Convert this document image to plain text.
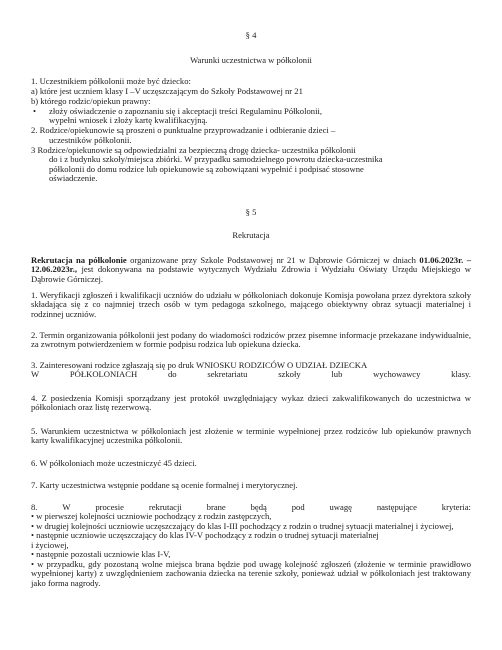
§ 4
Warunki uczestnictwa w półkolonii
1. Uczestnikiem półkolonii może być dziecko:
a) które jest uczniem klasy I –V uczęszczającym do Szkoły Podstawowej nr 21
b) którego rodzic/opiekun prawny:
• złoży oświadczenie o zapoznaniu się i akceptacji treści Regulaminu Półkolonii,
wypełni wniosek i złoży kartę kwalifikacyjną.
2. Rodzice/opiekunowie są proszeni o punktualne przyprowadzanie i odbieranie dzieci –
uczestników półkolonii.
3 Rodzice/opiekunowie są odpowiedzialni za bezpieczną drogę dziecka- uczestnika półkolonii
do i z budynku szkoły/miejsca zbiórki. W przypadku samodzielnego powrotu dziecka-uczestnika
półkolonii do domu rodzice lub opiekunowie są zobowiązani wypełnić i podpisać stosowne
oświadczenie.
§ 5
Rekrutacja
Rekrutacja na półkolonie organizowane przy Szkole Podstawowej nr 21 w Dąbrowie Górniczej w dniach 01.06.2023r. – 12.06.2023r., jest dokonywana na podstawie wytycznych Wydziału Zdrowia i Wydziału Oświaty Urzędu Miejskiego w Dąbrowie Górniczej.
1. Weryfikacji zgłoszeń i kwalifikacji uczniów do udziału w półkoloniach dokonuje Komisja powołana przez dyrektora szkoły składająca się z co najmniej trzech osób w tym pedagoga szkolnego, mającego obiektywny obraz sytuacji materialnej i rodzinnej uczniów.
2. Termin organizowania półkolonii jest podany do wiadomości rodziców przez pisemne informacje przekazane indywidualnie, za zwrotnym potwierdzeniem w formie podpisu rodzica lub opiekuna dziecka.
3. Zainteresowani rodzice zgłaszają się po druk WNIOSKU RODZICÓW O UDZIAŁ DZIECKA
W	PÓŁKOLONIACH	do	sekretariatu	szkoły	lub	wychowawcy	klasy.
4. Z posiedzenia Komisji sporządzany jest protokół uwzględniający wykaz dzieci zakwalifikowanych do uczestnictwa w półkoloniach oraz listę rezerwową.
5. Warunkiem uczestnictwa w półkoloniach jest złożenie w terminie wypełnionej przez rodziców lub opiekunów prawnych karty kwalifikacyjnej uczestnika półkolonii.
6. W półkoloniach może uczestniczyć 45 dzieci.
7. Karty uczestnictwa wstępnie poddane są ocenie formalnej i merytorycznej.
8.	W	procesie	rekrutacji	brane	będą	pod	uwagę	następujące	kryteria:
• w pierwszej kolejności uczniowie pochodzący z rodzin zastępczych,
• w drugiej kolejności uczniowie uczęszczający do klas I-III pochodzący z rodzin o trudnej sytuacji materialnej i życiowej,
• następnie uczniowie uczęszczający do klas IV-V pochodzący z rodzin o trudnej sytuacji materialnej
i życiowej,
• następnie pozostali uczniowie klas I-V,
• w przypadku, gdy pozostaną wolne miejsca brana będzie pod uwagę kolejność zgłoszeń (złożenie w terminie prawidłowo wypełnionej karty) z uwzględnieniem zachowania dziecka na terenie szkoły, ponieważ udział w półkoloniach jest traktowany jako forma nagrody.
